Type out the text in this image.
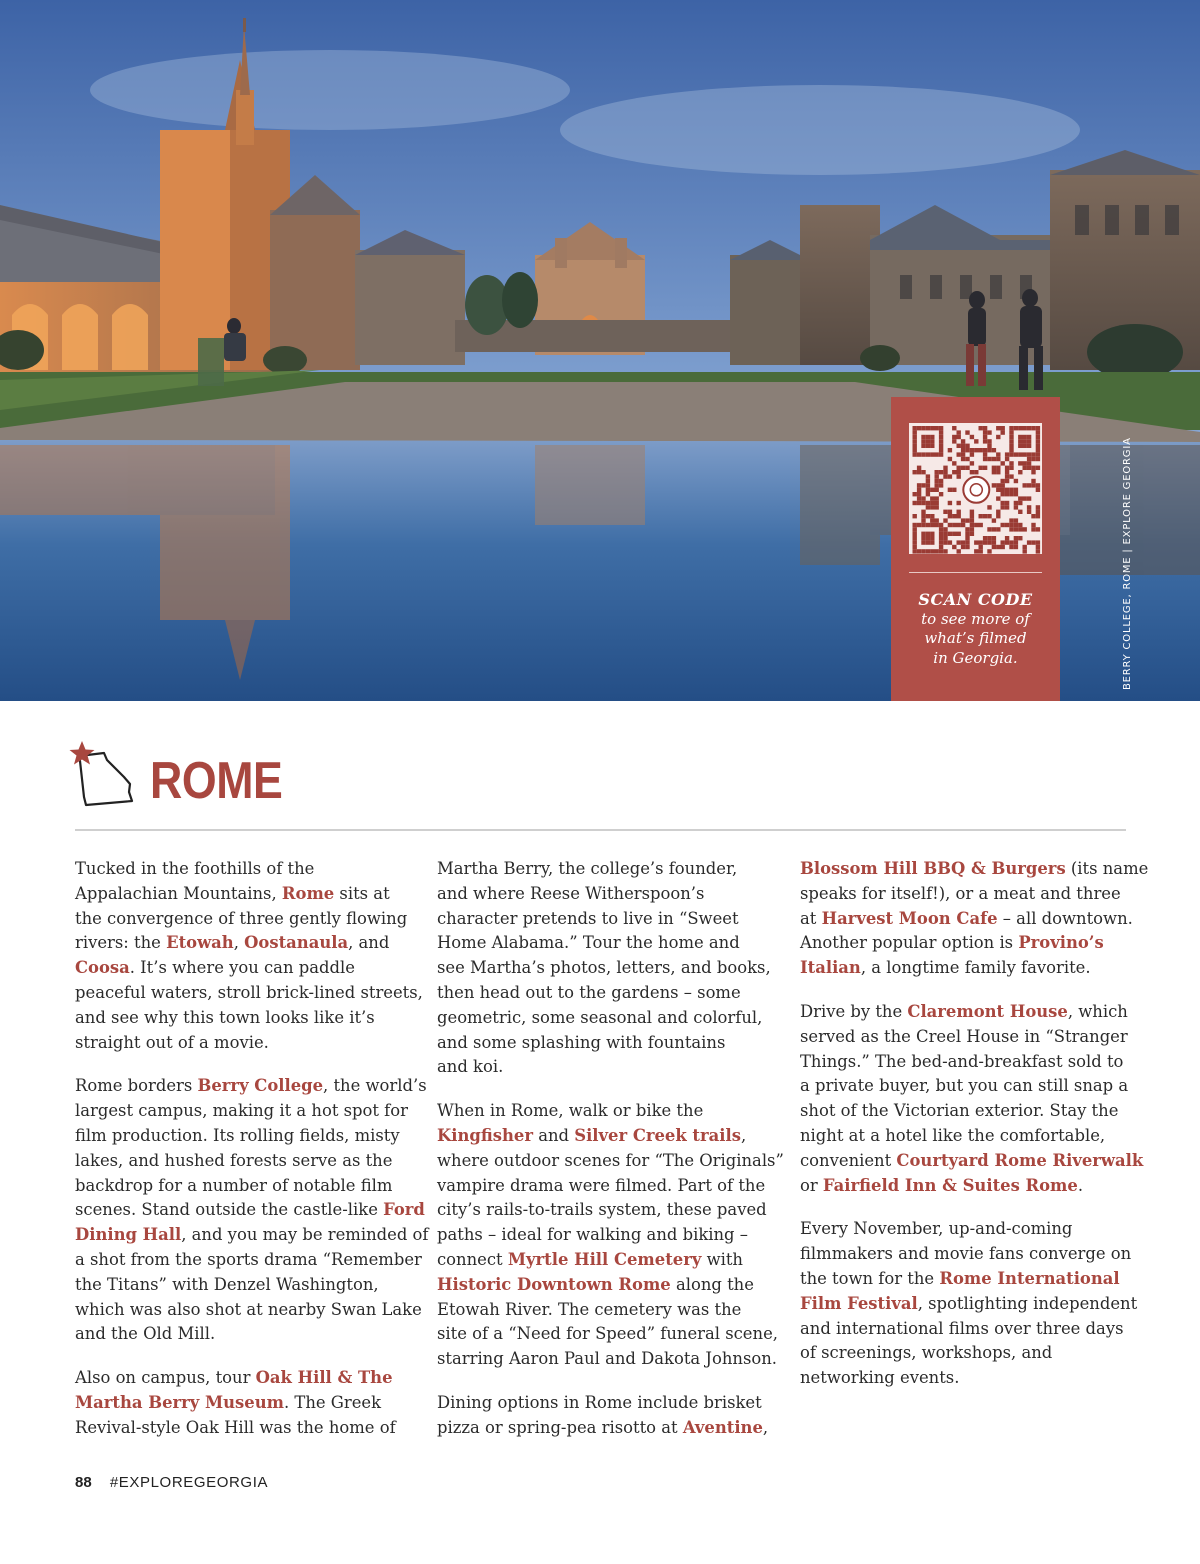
BERRY COLLEGE, ROME | EXPLORE GEORGIA
SCAN CODE
to see more of
what’s filmed
in Georgia.
ROME

Tucked in the foothills of the
Appalachian Mountains, Rome sits at
the convergence of three gently flowing
rivers: the Etowah, Oostanaula, and
Coosa. It’s where you can paddle
peaceful waters, stroll brick-lined streets,
and see why this town looks like it’s
straight out of a movie.

Rome borders Berry College, the world’s
largest campus, making it a hot spot for
film production. Its rolling fields, misty
lakes, and hushed forests serve as the
backdrop for a number of notable film
scenes. Stand outside the castle-like Ford
Dining Hall, and you may be reminded of
a shot from the sports drama “Remember
the Titans” with Denzel Washington,
which was also shot at nearby Swan Lake
and the Old Mill.

Also on campus, tour Oak Hill & The
Martha Berry Museum. The Greek
Revival-style Oak Hill was the home of

Martha Berry, the college’s founder,
and where Reese Witherspoon’s
character pretends to live in “Sweet
Home Alabama.” Tour the home and
see Martha’s photos, letters, and books,
then head out to the gardens – some
geometric, some seasonal and colorful,
and some splashing with fountains
and koi.

When in Rome, walk or bike the
Kingfisher and Silver Creek trails,
where outdoor scenes for “The Originals”
vampire drama were filmed. Part of the
city’s rails-to-trails system, these paved
paths – ideal for walking and biking –
connect Myrtle Hill Cemetery with
Historic Downtown Rome along the
Etowah River. The cemetery was the
site of a “Need for Speed” funeral scene,
starring Aaron Paul and Dakota Johnson.

Dining options in Rome include brisket
pizza or spring-pea risotto at Aventine,

Blossom Hill BBQ & Burgers (its name
speaks for itself!), or a meat and three
at Harvest Moon Cafe – all downtown.
Another popular option is Provino’s
Italian, a longtime family favorite.

Drive by the Claremont House, which
served as the Creel House in “Stranger
Things.” The bed-and-breakfast sold to
a private buyer, but you can still snap a
shot of the Victorian exterior. Stay the
night at a hotel like the comfortable,
convenient Courtyard Rome Riverwalk
or Fairfield Inn & Suites Rome.

Every November, up-and-coming
filmmakers and movie fans converge on
the town for the Rome International
Film Festival, spotlighting independent
and international films over three days
of screenings, workshops, and
networking events.

88 #EXPLOREGEORGIA
